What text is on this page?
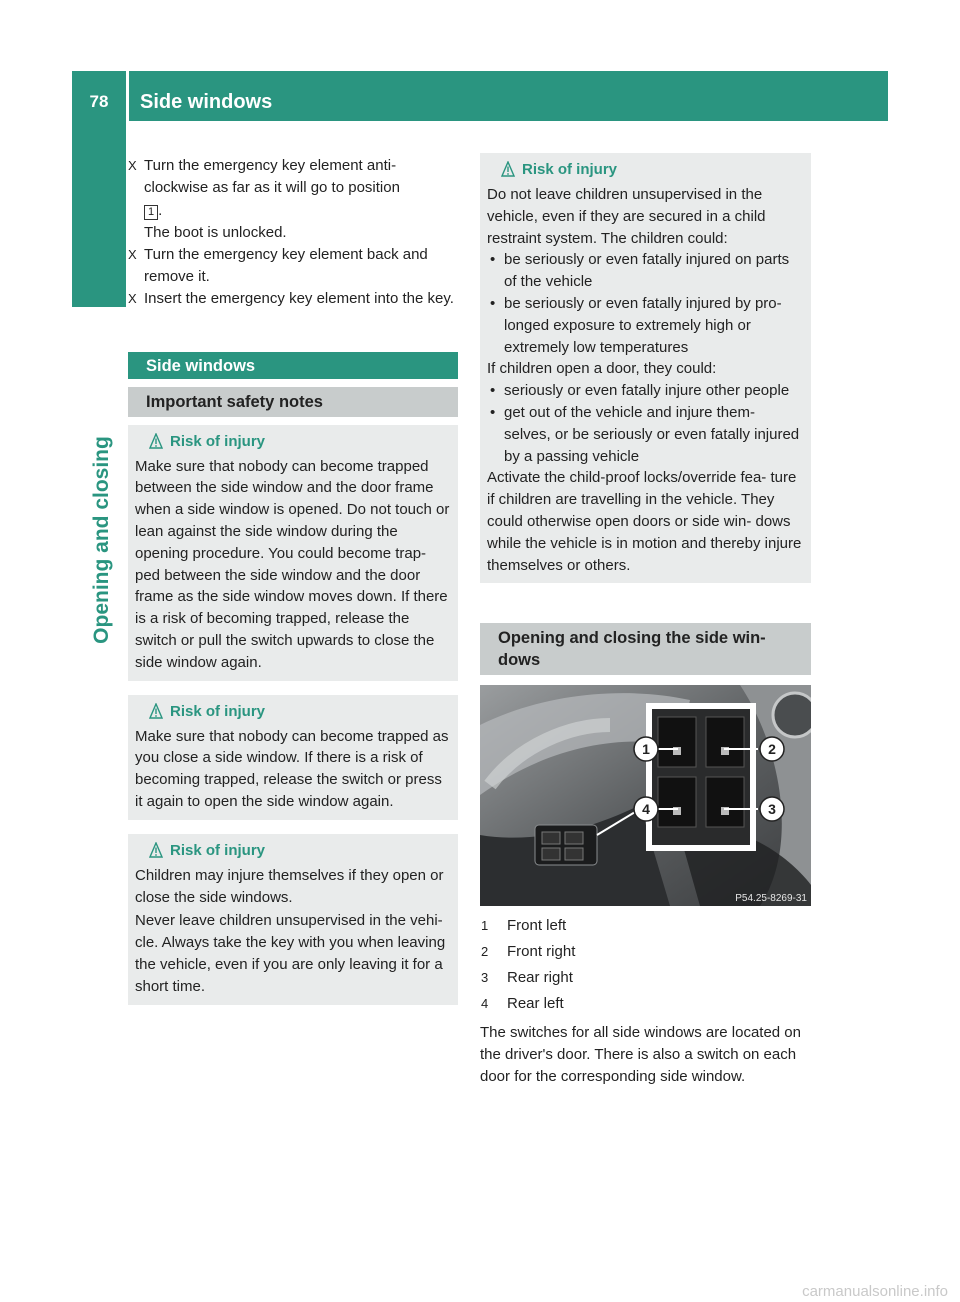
78	Side windows
Opening and closing

X Turn the emergency key element anti- clockwise as far as it will go to position

1 .

The boot is unlocked.

X Turn the emergency key element back and remove it.

X Insert the emergency key element into the key.

Side windows
Important safety notes
Risk of injury

Make sure that nobody can become trapped between the side window and the door frame when a side window is opened. Do not touch or lean against the side window during the opening procedure. You could become trap- ped between the side window and the door frame as the side window moves down. If there is a risk of becoming trapped, release the switch or pull the switch upwards to close the side window again.

Risk of injury

Make sure that nobody can become trapped as you close a side window. If there is a risk of becoming trapped, release the switch or press it again to open the side window again.

Risk of injury

Children may injure themselves if they open or close the side windows.

Never leave children unsupervised in the vehi- cle. Always take the key with you when leaving the vehicle, even if you are only leaving it for a short time.

Risk of injury

Do not leave children unsupervised in the vehicle, even if they are secured in a child restraint system. The children could:

• be seriously or even fatally injured on parts of the vehicle

• be seriously or even fatally injured by pro- longed exposure to extremely high or extremely low temperatures

If children open a door, they could:

• seriously or even fatally injure other people

• get out of the vehicle and injure them- selves, or be seriously or even fatally injured by a passing vehicle

Activate the child-proof locks/override fea- ture if children are travelling in the vehicle. They could otherwise open doors or side win- dows while the vehicle is in motion and thereby injure themselves or others.

Opening and closing the side win- dows
1	2
4	3
P54.25-8269-31
1 Front left
2 Front right
3 Rear right
4 Rear left

The switches for all side windows are located on the driver's door. There is also a switch on each door for the corresponding side window.

carmanualsonline.info
